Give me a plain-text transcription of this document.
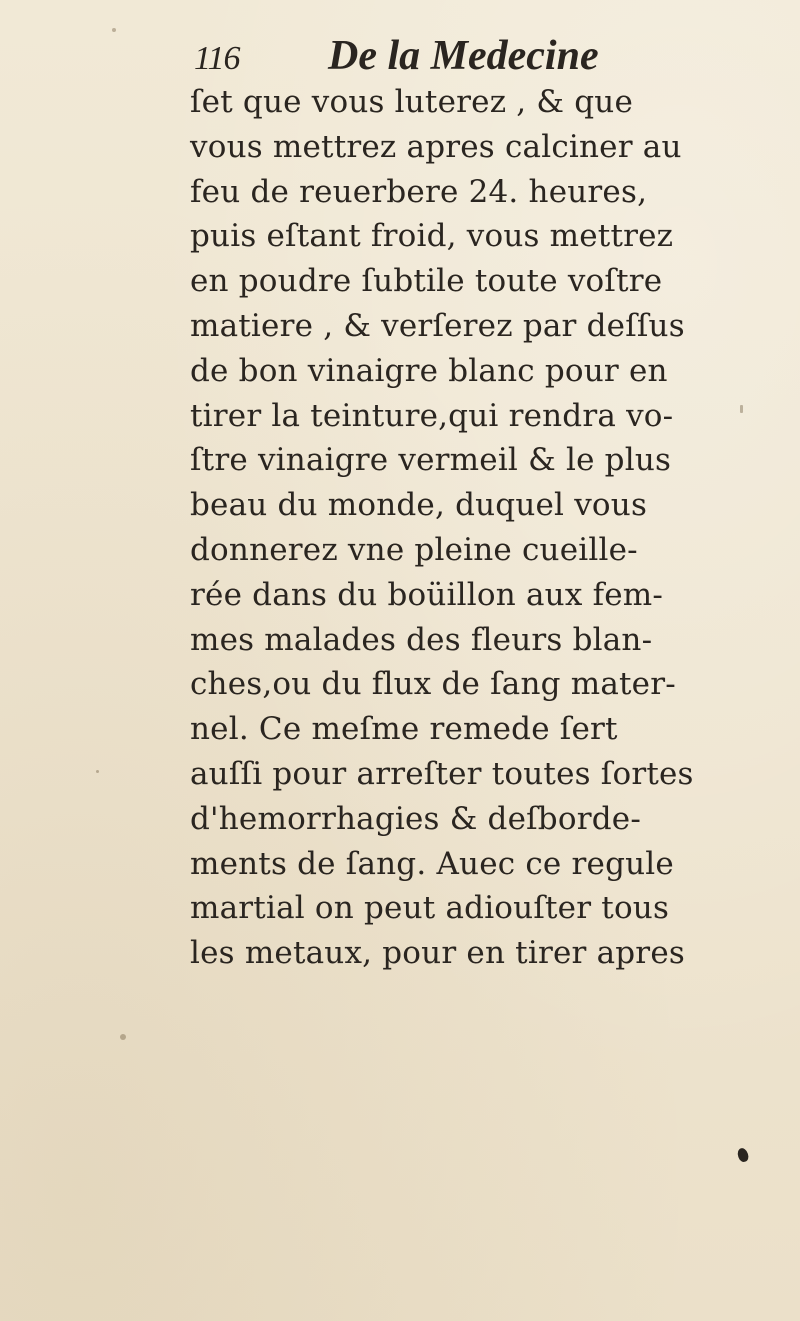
116 De la Medecine
ſet que vous luterez , & que
vous mettrez apres calciner au
feu de reuerbere 24. heures,
puis eſtant froid, vous mettrez
en poudre ſubtile toute voſtre
matiere , & verſerez par deſſus
de bon vinaigre blanc pour en
tirer la teinture,qui rendra vo-
ſtre vinaigre vermeil & le plus
beau du monde, duquel vous
donnerez vne pleine cueille-
rée dans du boüillon aux fem-
mes malades des fleurs blan-
ches,ou du flux de ſang mater-
nel. Ce meſme remede ſert
auſſi pour arreſter toutes ſortes
d'hemorrhagies & deſborde-
ments de ſang. Auec ce regule
martial on peut adiouſter tous
les metaux, pour en tirer apres
